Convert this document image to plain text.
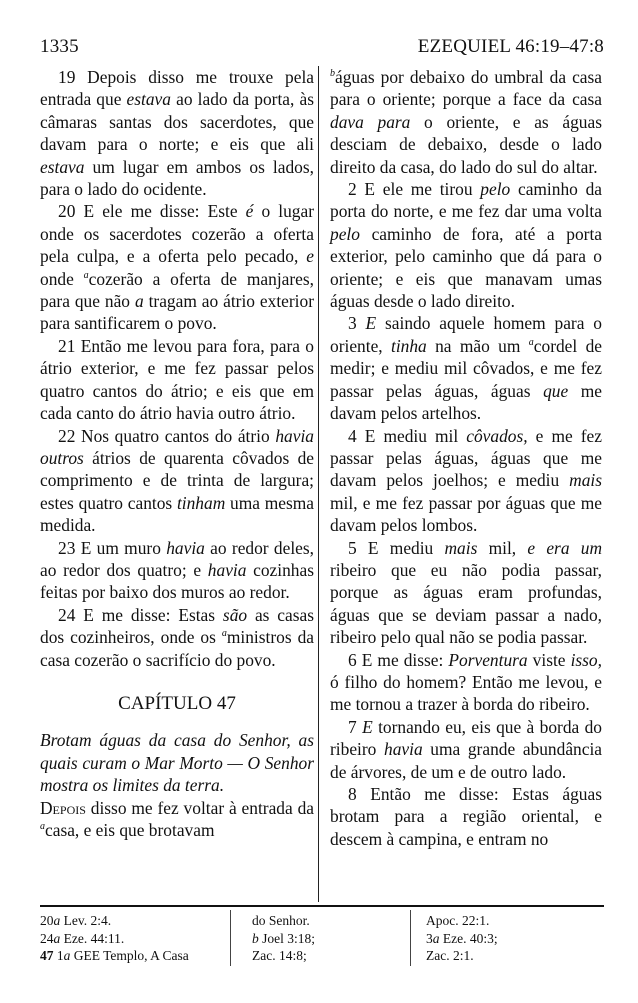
1335	EZEQUIEL 46:19–47:8

19 Depois disso me trouxe pela entrada que estava ao lado da porta, às câmaras santas dos sacerdotes, que davam para o norte; e eis que ali estava um lugar em ambos os lados, para o lado do ocidente.

20 E ele me disse: Este é o lugar onde os sacerdotes cozerão a oferta pela culpa, e a oferta pelo pecado, e onde $^a$cozerão a oferta de manjares, para que não a tragam ao átrio exterior para santificarem o povo.

21 Então me levou para fora, para o átrio exterior, e me fez passar pelos quatro cantos do átrio; e eis que em cada canto do átrio havia outro átrio.

22 Nos quatro cantos do átrio havia outros átrios de quarenta côvados de comprimento e de trinta de largura; estes quatro cantos tinham uma mesma medida.

23 E um muro havia ao redor deles, ao redor dos quatro; e havia cozinhas feitas por baixo dos muros ao redor.

24 E me disse: Estas são as casas dos cozinheiros, onde os $^a$ministros da casa cozerão o sacrifício do povo.

CAPÍTULO 47

Brotam águas da casa do Senhor, as quais curam o Mar Morto — O Senhor mostra os limites da terra.

Depois disso me fez voltar à entrada da $^a$casa, e eis que brotavam

$^b$águas por debaixo do umbral da casa para o oriente; porque a face da casa dava para o oriente, e as águas desciam de debaixo, desde o lado direito da casa, do lado do sul do altar.

2 E ele me tirou pelo caminho da porta do norte, e me fez dar uma volta pelo caminho de fora, até a porta exterior, pelo caminho que dá para o oriente; e eis que manavam umas águas desde o lado direito.

3 E saindo aquele homem para o oriente, tinha na mão um $^a$cordel de medir; e mediu mil côvados, e me fez passar pelas águas, águas que me davam pelos artelhos.

4 E mediu mil côvados, e me fez passar pelas águas, águas que me davam pelos joelhos; e mediu mais mil, e me fez passar por águas que me davam pelos lombos.

5 E mediu mais mil, e era um ribeiro que eu não podia passar, porque as águas eram profundas, águas que se deviam passar a nado, ribeiro pelo qual não se podia passar.

6 E me disse: Porventura viste isso, ó filho do homem? Então me levou, e me tornou a trazer à borda do ribeiro.

7 E tornando eu, eis que à borda do ribeiro havia uma grande abundância de árvores, de um e de outro lado.

8 Então me disse: Estas águas brotam para a região oriental, e descem à campina, e entram no

20a Lev. 2:4.
24a Eze. 44:11.
47 1a GEE Templo, A Casa
do Senhor.
b Joel 3:18;
Zac. 14:8;
Apoc. 22:1.
3a Eze. 40:3;
Zac. 2:1.
